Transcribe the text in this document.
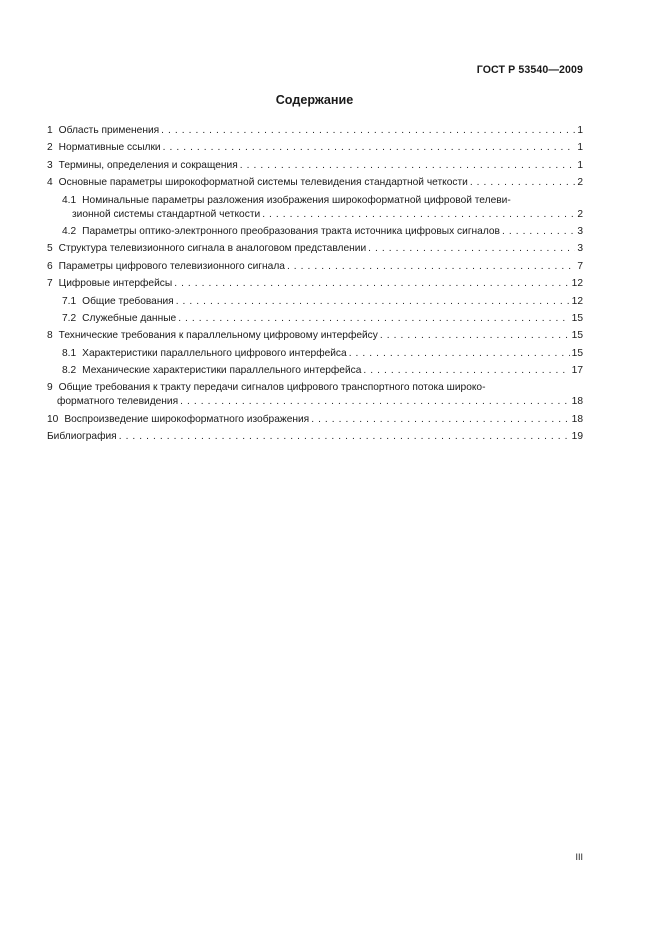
ГОСТ Р 53540—2009
Содержание
1 Область применения . . .	1
2 Нормативные ссылки . . .	1
3 Термины, определения и сокращения . . .	1
4 Основные параметры широкоформатной системы телевидения стандартной четкости . . .	2
4.1 Номинальные параметры разложения изображения широкоформатной цифровой телеви-
зионной системы стандартной четкости . . .	2
4.2 Параметры оптико-электронного преобразования тракта источника цифровых сигналов . . .	3
5 Структура телевизионного сигнала в аналоговом представлении . . .	3
6 Параметры цифрового телевизионного сигнала . . .	7
7 Цифровые интерфейсы . . .	12
7.1 Общие требования . . .	12
7.2 Служебные данные . . .	15
8 Технические требования к параллельному цифровому интерфейсу . . .	15
8.1 Характеристики параллельного цифрового интерфейса . . .	15
8.2 Механические характеристики параллельного интерфейса . . .	17
9 Общие требования к тракту передачи сигналов цифрового транспортного потока широко-
форматного телевидения . . .	18
10 Воспроизведение широкоформатного изображения . . .	18
Библиография . . .	19
III
